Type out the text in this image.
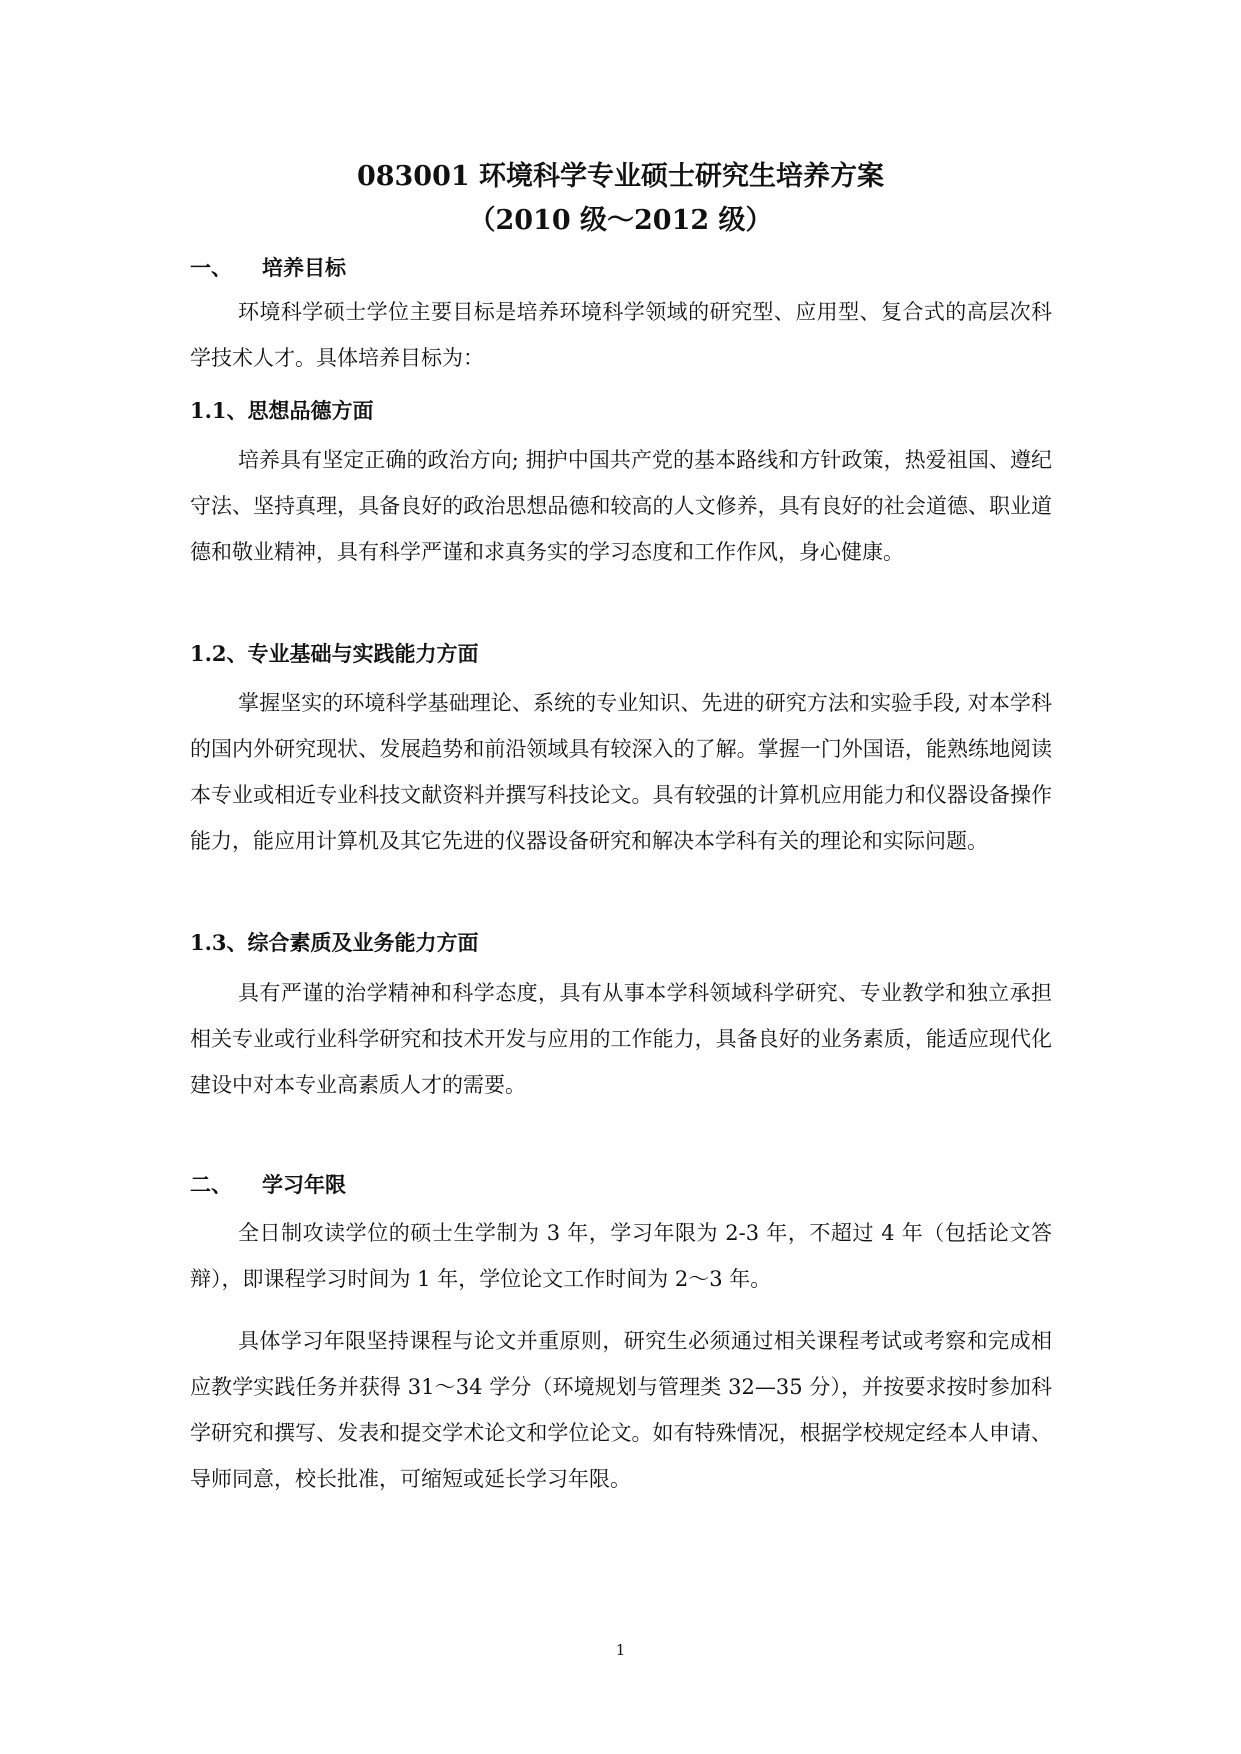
083001 环境科学专业硕士研究生培养方案
（2010 级～2012 级）
一、 培养目标

环境科学硕士学位主要目标是培养环境科学领域的研究型、应用型、复合式的高层次科学技术人才。具体培养目标为：

1.1、思想品德方面

培养具有坚定正确的政治方向; 拥护中国共产党的基本路线和方针政策，热爱祖国、遵纪守法、坚持真理，具备良好的政治思想品德和较高的人文修养，具有良好的社会道德、职业道德和敬业精神，具有科学严谨和求真务实的学习态度和工作作风，身心健康。

1.2、专业基础与实践能力方面

掌握坚实的环境科学基础理论、系统的专业知识、先进的研究方法和实验手段, 对本学科的国内外研究现状、发展趋势和前沿领域具有较深入的了解。掌握一门外国语，能熟练地阅读本专业或相近专业科技文献资料并撰写科技论文。具有较强的计算机应用能力和仪器设备操作能力，能应用计算机及其它先进的仪器设备研究和解决本学科有关的理论和实际问题。

1.3、综合素质及业务能力方面

具有严谨的治学精神和科学态度，具有从事本学科领域科学研究、专业教学和独立承担相关专业或行业科学研究和技术开发与应用的工作能力，具备良好的业务素质，能适应现代化建设中对本专业高素质人才的需要。

二、 学习年限

全日制攻读学位的硕士生学制为 3 年，学习年限为 2-3 年，不超过 4 年（包括论文答辩），即课程学习时间为 1 年，学位论文工作时间为 2～3 年。

具体学习年限坚持课程与论文并重原则，研究生必须通过相关课程考试或考察和完成相应教学实践任务并获得 31～34 学分（环境规划与管理类 32—35 分），并按要求按时参加科学研究和撰写、发表和提交学术论文和学位论文。如有特殊情况，根据学校规定经本人申请、导师同意，校长批准，可缩短或延长学习年限。

1
